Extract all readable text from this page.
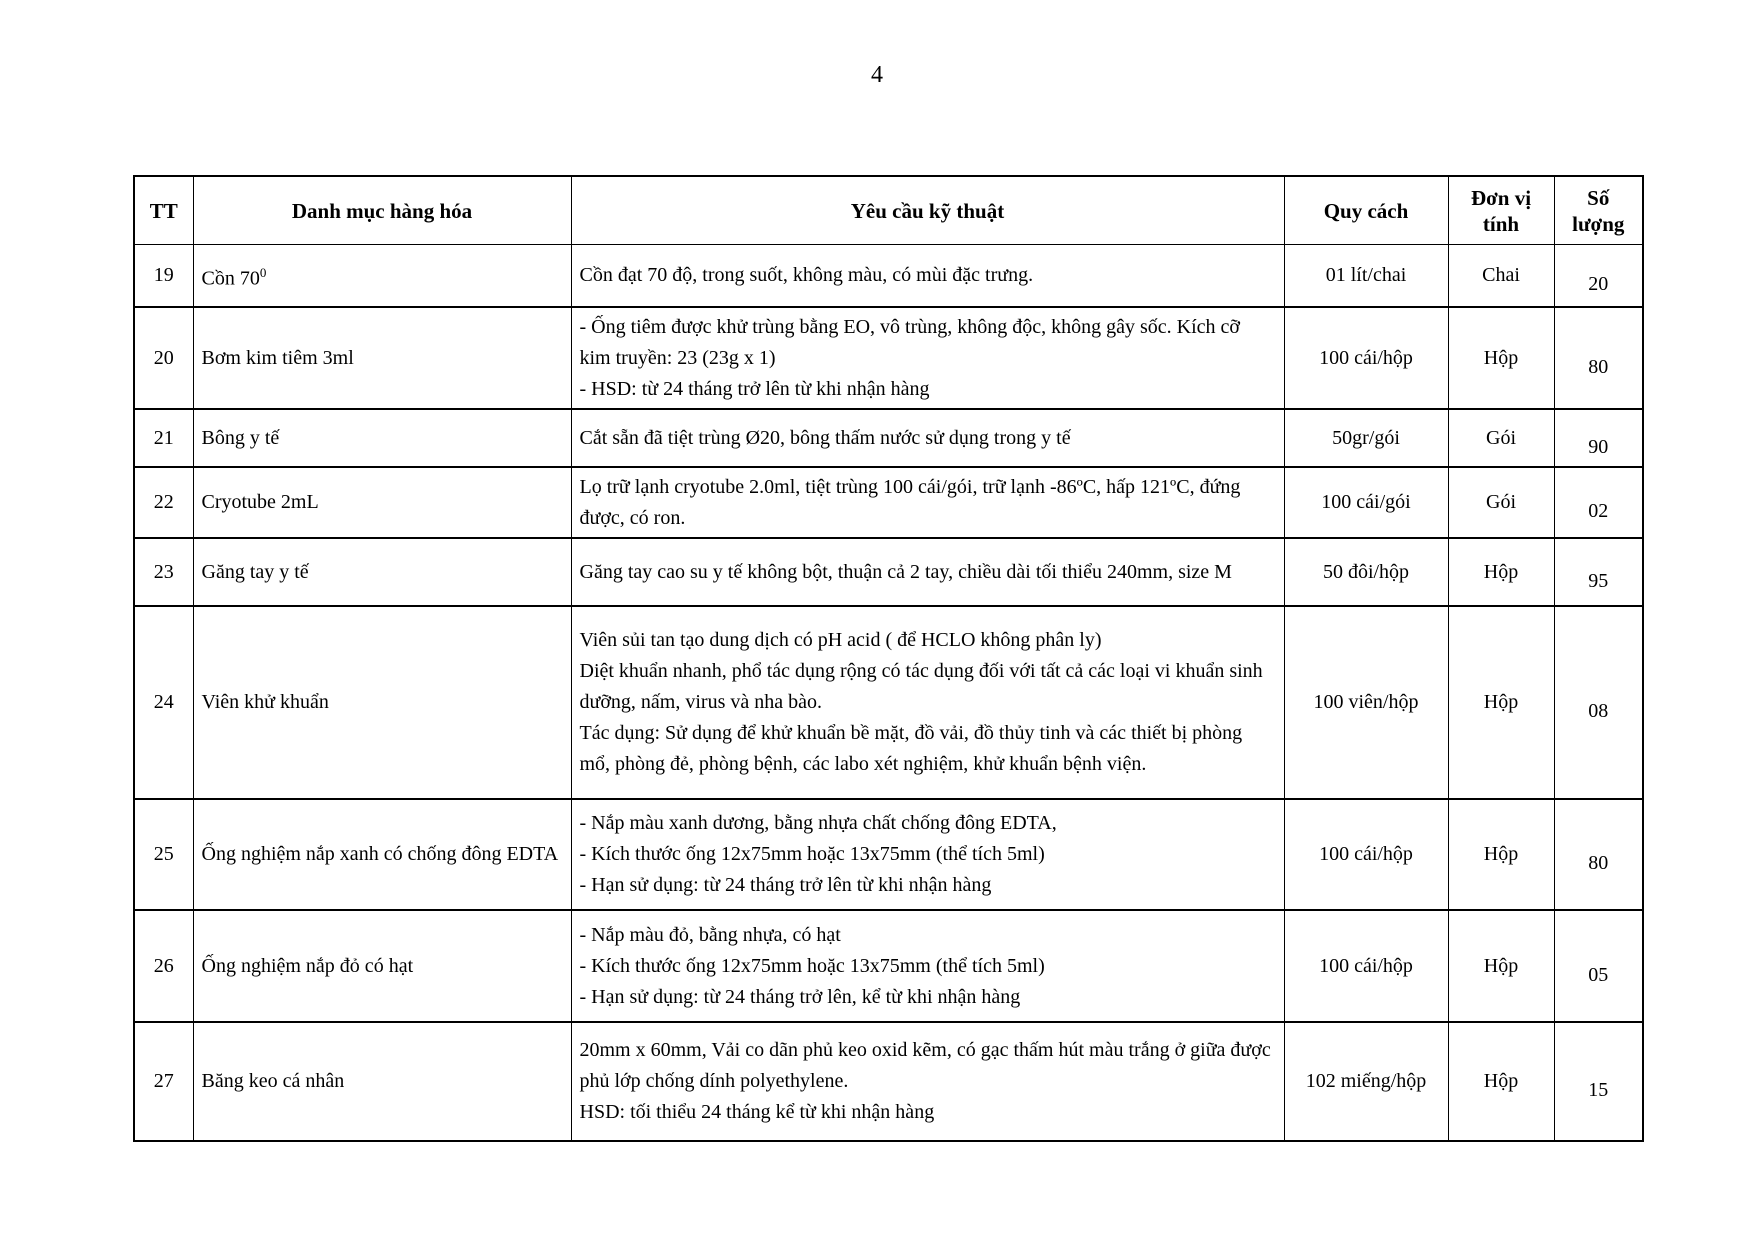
4
TT	Danh mục hàng hóa	Yêu cầu kỹ thuật	Quy cách	Đơn vị tính	Số lượng
19	Cồn $70^0$	Cồn đạt 70 độ, trong suốt, không màu, có mùi đặc trưng.	01 lít/chai	Chai	20
20	Bơm kim tiêm 3ml	- Ống tiêm được khử trùng bằng EO, vô trùng, không độc, không gây sốc. Kích cỡ kim truyền: 23 (23g x 1)
- HSD: từ 24 tháng trở lên từ khi nhận hàng	100 cái/hộp	Hộp	80
21	Bông y tế	Cắt sẵn đã tiệt trùng Ø20, bông thấm nước sử dụng trong y tế	50gr/gói	Gói	90
22	Cryotube 2mL	Lọ trữ lạnh cryotube 2.0ml, tiệt trùng 100 cái/gói, trữ lạnh -86ºC, hấp 121ºC, đứng được, có ron.	100 cái/gói	Gói	02
23	Găng tay y tế	Găng tay cao su y tế không bột, thuận cả 2 tay, chiều dài tối thiểu 240mm, size M	50 đôi/hộp	Hộp	95
24	Viên khử khuẩn	Viên sủi tan tạo dung dịch có pH acid ( để HCLO không phân ly)
Diệt khuẩn nhanh, phổ tác dụng rộng có tác dụng đối với tất cả các loại vi khuẩn sinh dưỡng, nấm, virus và nha bào.
Tác dụng: Sử dụng để khử khuẩn bề mặt, đồ vải, đồ thủy tinh và các thiết bị phòng mổ, phòng đẻ, phòng bệnh, các labo xét nghiệm, khử khuẩn bệnh viện.	100 viên/hộp	Hộp	08
25	Ống nghiệm nắp xanh có chống đông EDTA	- Nắp màu xanh dương, bằng nhựa chất chống đông EDTA,
- Kích thước ống 12x75mm hoặc 13x75mm (thể tích 5ml)
- Hạn sử dụng: từ 24 tháng trở lên từ khi nhận hàng	100 cái/hộp	Hộp	80
26	Ống nghiệm nắp đỏ có hạt	- Nắp màu đỏ, bằng nhựa, có hạt
- Kích thước ống 12x75mm hoặc 13x75mm (thể tích 5ml)
- Hạn sử dụng: từ 24 tháng trở lên, kể từ khi nhận hàng	100 cái/hộp	Hộp	05
27	Băng keo cá nhân	20mm x 60mm, Vải co dãn phủ keo oxid kẽm, có gạc thấm hút màu trắng ở giữa được phủ lớp chống dính polyethylene.
HSD: tối thiểu 24 tháng kể từ khi nhận hàng	102 miếng/hộp	Hộp	15
